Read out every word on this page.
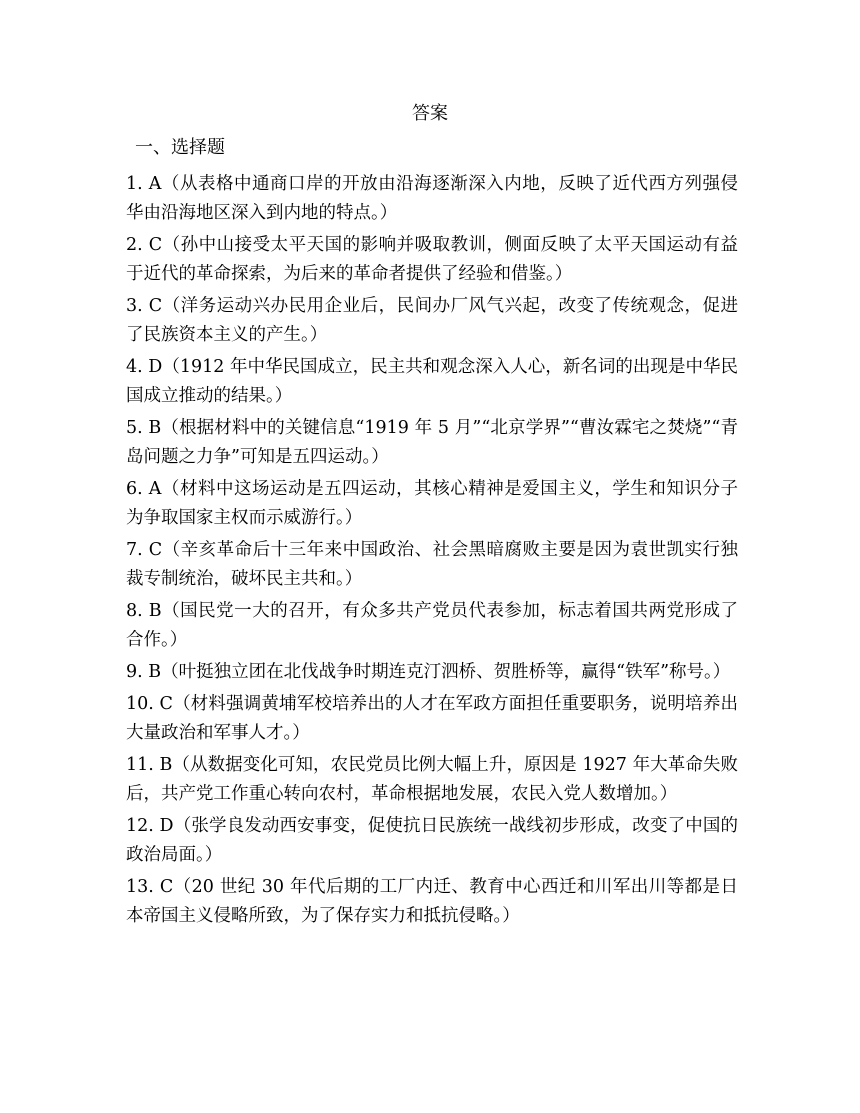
答案
一、选择题
1. A（从表格中通商口岸的开放由沿海逐渐深入内地，反映了近代西方列强侵华由沿海地区深入到内地的特点。）
2. C（孙中山接受太平天国的影响并吸取教训，侧面反映了太平天国运动有益于近代的革命探索，为后来的革命者提供了经验和借鉴。）
3. C（洋务运动兴办民用企业后，民间办厂风气兴起，改变了传统观念，促进了民族资本主义的产生。）
4. D（1912 年中华民国成立，民主共和观念深入人心，新名词的出现是中华民国成立推动的结果。）
5. B（根据材料中的关键信息“1919 年 5 月”“北京学界”“曹汝霖宅之焚烧”“青岛问题之力争”可知是五四运动。）
6. A（材料中这场运动是五四运动，其核心精神是爱国主义，学生和知识分子为争取国家主权而示威游行。）
7. C（辛亥革命后十三年来中国政治、社会黑暗腐败主要是因为袁世凯实行独裁专制统治，破坏民主共和。）
8. B（国民党一大的召开，有众多共产党员代表参加，标志着国共两党形成了合作。）
9. B（叶挺独立团在北伐战争时期连克汀泗桥、贺胜桥等，赢得“铁军”称号。）
10. C（材料强调黄埔军校培养出的人才在军政方面担任重要职务，说明培养出大量政治和军事人才。）
11. B（从数据变化可知，农民党员比例大幅上升，原因是 1927 年大革命失败后，共产党工作重心转向农村，革命根据地发展，农民入党人数增加。）
12. D（张学良发动西安事变，促使抗日民族统一战线初步形成，改变了中国的政治局面。）
13. C（20 世纪 30 年代后期的工厂内迁、教育中心西迁和川军出川等都是日本帝国主义侵略所致，为了保存实力和抵抗侵略。）
